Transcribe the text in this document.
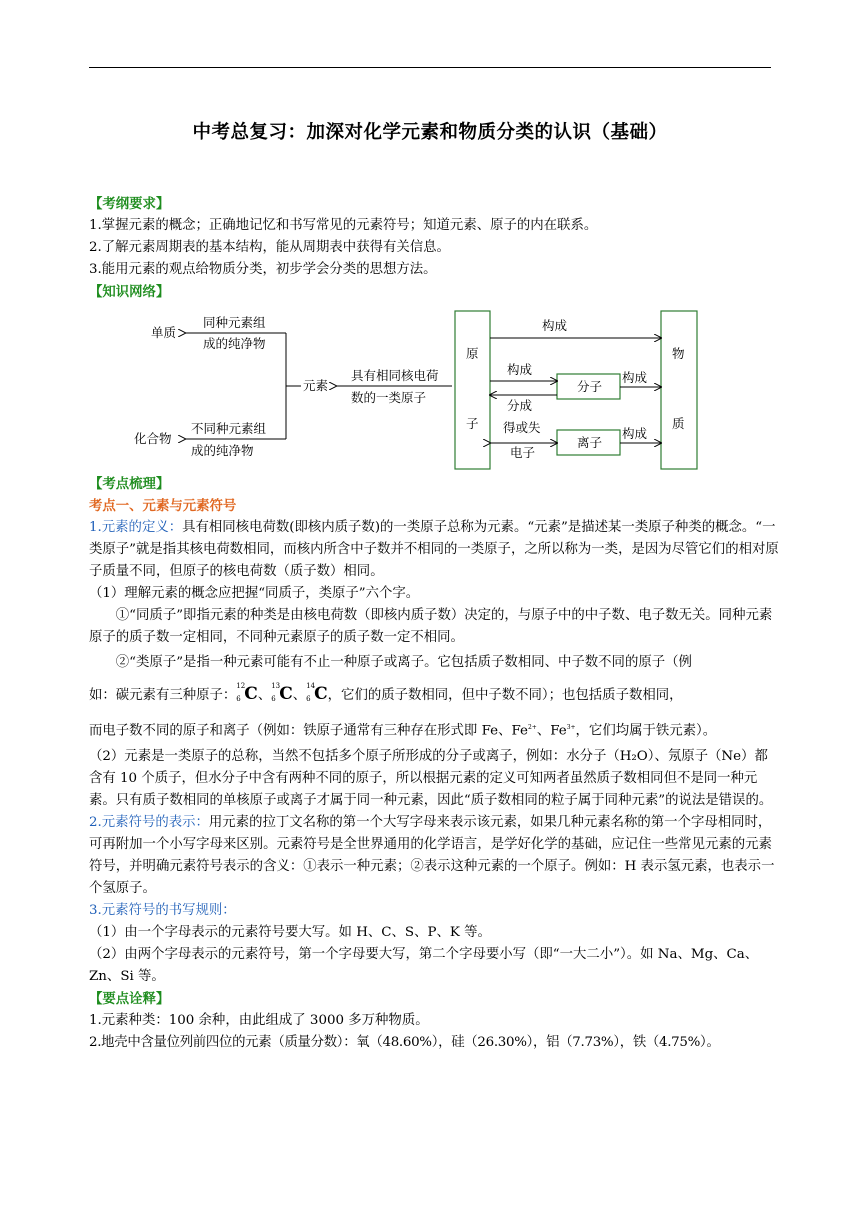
中考总复习：加深对化学元素和物质分类的认识（基础）

【考纲要求】

1.掌握元素的概念；正确地记忆和书写常见的元素符号；知道元素、原子的内在联系。

2.了解元素周期表的基本结构，能从周期表中获得有关信息。

3.能用元素的观点给物质分类，初步学会分类的思想方法。

【知识网络】

单质
同种元素组
成的纯净物
元素
具有相同核电荷
数的一类原子
化合物
不同种元素组
成的纯净物
原
子
构成
构成
分成
分子
构成
得或失
电子
离子
构成
物
质

【考点梳理】

考点一、元素与元素符号

1.元素的定义：具有相同核电荷数(即核内质子数)的一类原子总称为元素。“元素”是描述某一类原子种类的概念。“一类原子”就是指其核电荷数相同，而核内所含中子数并不相同的一类原子，之所以称为一类，是因为尽管它们的相对原子质量不同，但原子的核电荷数（质子数）相同。

（1）理解元素的概念应把握“同质子，类原子”六个字。

①“同质子”即指元素的种类是由核电荷数（即核内质子数）决定的，与原子中的中子数、电子数无关。同种元素原子的质子数一定相同，不同种元素原子的质子数一定不相同。

②“类原子”是指一种元素可能有不止一种原子或离子。它包括质子数相同、中子数不同的原子（例

如：碳元素有三种原子：
12
6 C、
13
6 C、
14
6 C，它们的质子数相同，但中子数不同）；也包括质子数相同，

而电子数不同的原子和离子（例如：铁原子通常有三种存在形式即 Fe、$Fe^{2+}$、$Fe^{3+}$，它们均属于铁元素）。

（2）元素是一类原子的总称，当然不包括多个原子所形成的分子或离子，例如：水分子（H₂O）、氖原子（Ne）都含有 10 个质子，但水分子中含有两种不同的原子，所以根据元素的定义可知两者虽然质子数相同但不是同一种元素。只有质子数相同的单核原子或离子才属于同一种元素，因此“质子数相同的粒子属于同种元素”的说法是错误的。

2.元素符号的表示：用元素的拉丁文名称的第一个大写字母来表示该元素，如果几种元素名称的第一个字母相同时，可再附加一个小写字母来区别。元素符号是全世界通用的化学语言，是学好化学的基础，应记住一些常见元素的元素符号，并明确元素符号表示的含义：①表示一种元素；②表示这种元素的一个原子。例如：H 表示氢元素，也表示一个氢原子。

3.元素符号的书写规则：

（1）由一个字母表示的元素符号要大写。如 H、C、S、P、K 等。

（2）由两个字母表示的元素符号，第一个字母要大写，第二个字母要小写（即“一大二小”）。如 Na、Mg、Ca、Zn、Si 等。

【要点诠释】

1.元素种类：100 余种，由此组成了 3000 多万种物质。

2.地壳中含量位列前四位的元素（质量分数）：氧（48.60%），硅（26.30%），铝（7.73%），铁（4.75%）。
